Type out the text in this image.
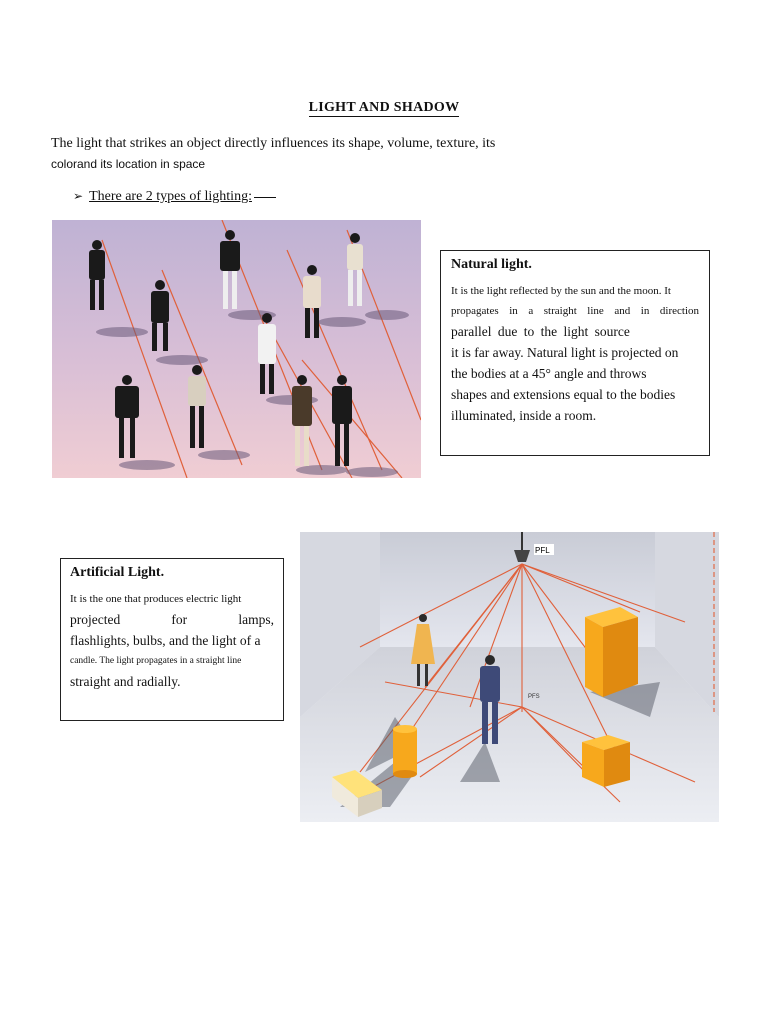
LIGHT AND SHADOW
The light that strikes an object directly influences its shape, volume, texture, its
colorand its location in space
➢ There are 2 types of lighting:
Natural light.

It is the light reflected by the sun and the moon. It

propagates in a straight line and in direction

parallel due to the light source

it is far away. Natural light is projected on

the bodies at a 45° angle and throws

shapes and extensions equal to the bodies

illuminated, inside a room.

Artificial Light.

It is the one that produces electric light

projected for lamps,

flashlights, bulbs, and the light of a

candle. The light propagates in a straight line

straight and radially.

PFL
PFS
